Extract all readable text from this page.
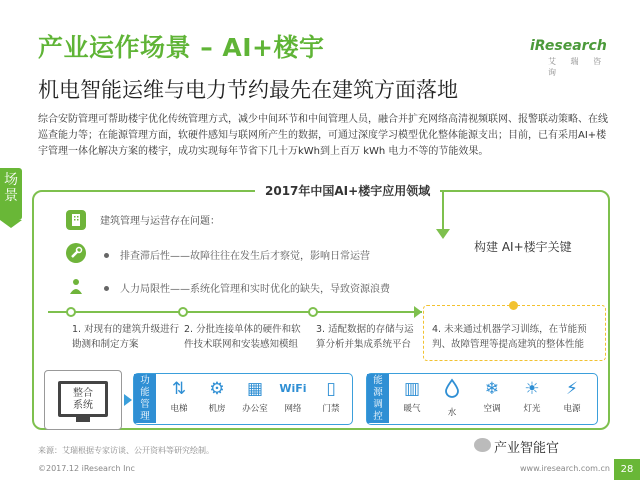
产业运作场景 – AI+楼宇
机电智能运维与电力节约最先在建筑方面落地
iResearch
艾 瑞 咨 询
综合安防管理可帮助楼宇优化传统管理方式，减少中间环节和中间管理人员，融合并扩充网络高清视频联网、报警联动策略、在线巡查能力等；在能源管理方面，软硬件感知与联网所产生的数据，可通过深度学习模型优化整体能源支出；目前，已有采用AI+楼宇管理一体化解决方案的楼宇，成功实现每年节省下几十万kWh到上百万 kWh 电力不等的节能效果。
场景	2017年中国AI+楼宇应用领域
建筑管理与运营存在问题：
排查滞后性——故障往往在发生后才察觉，影响日常运营
人力局限性——系统化管理和实时优化的缺失，导致资源浪费
构建 AI+楼宇关键
1. 对现有的建筑升级进行勘测和制定方案
2. 分批连接单体的硬件和软件技术联网和安装感知模组
3. 适配数据的存储与运算分析并集成系统平台
4. 未来通过机器学习训练，在节能预判、故障管理等提高建筑的整体性能
整合系统
功能管理
⇅
电梯
⚙
机房
▦
办公室
WiFi
网络
▯
门禁
能源调控
▥
暖气	水
❄
空调
☀
灯光
⚡
电源
来源：艾瑞根据专家访谈、公开资料等研究绘制。	产业智能官
©2017.12 iResearch Inc	www.iresearch.com.cn	28
